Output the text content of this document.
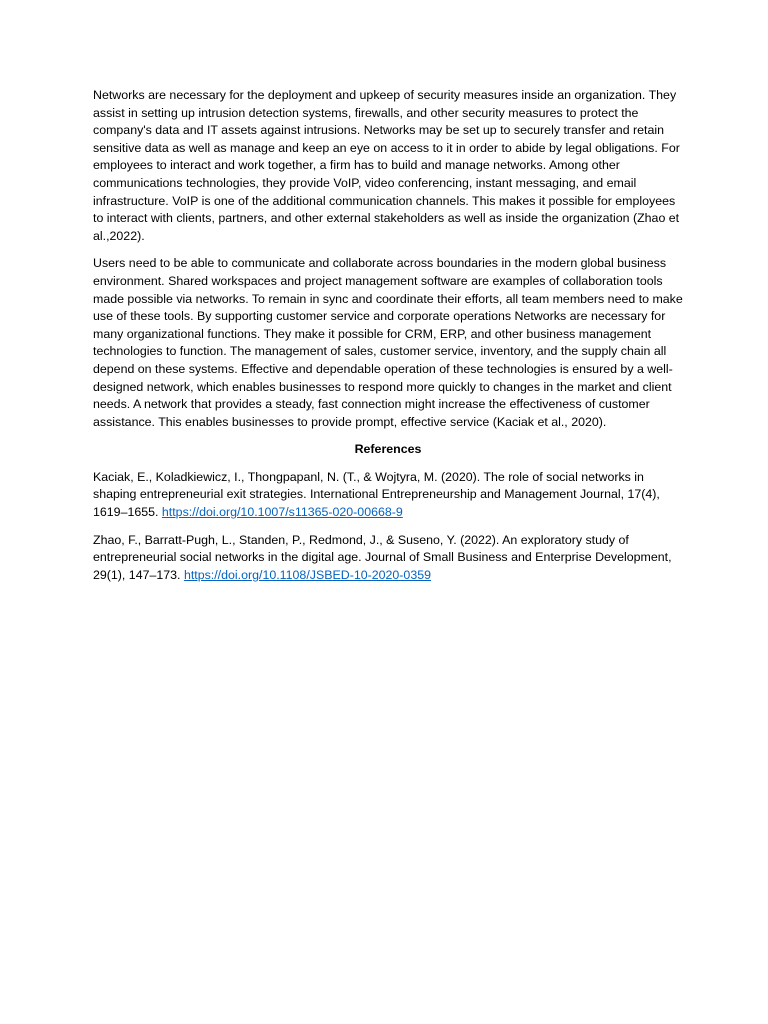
Networks are necessary for the deployment and upkeep of security measures inside an organization. They assist in setting up intrusion detection systems, firewalls, and other security measures to protect the company's data and IT assets against intrusions. Networks may be set up to securely transfer and retain sensitive data as well as manage and keep an eye on access to it in order to abide by legal obligations. For employees to interact and work together, a firm has to build and manage networks. Among other communications technologies, they provide VoIP, video conferencing, instant messaging, and email infrastructure. VoIP is one of the additional communication channels. This makes it possible for employees to interact with clients, partners, and other external stakeholders as well as inside the organization (Zhao et al.,2022).

Users need to be able to communicate and collaborate across boundaries in the modern global business environment. Shared workspaces and project management software are examples of collaboration tools made possible via networks. To remain in sync and coordinate their efforts, all team members need to make use of these tools. By supporting customer service and corporate operations Networks are necessary for many organizational functions. They make it possible for CRM, ERP, and other business management technologies to function. The management of sales, customer service, inventory, and the supply chain all depend on these systems. Effective and dependable operation of these technologies is ensured by a well-designed network, which enables businesses to respond more quickly to changes in the market and client needs. A network that provides a steady, fast connection might increase the effectiveness of customer assistance. This enables businesses to provide prompt, effective service (Kaciak et al., 2020).

References

Kaciak, E., Koladkiewicz, I., Thongpapanl, N. (T., & Wojtyra, M. (2020). The role of social networks in shaping entrepreneurial exit strategies. International Entrepreneurship and Management Journal, 17(4), 1619–1655. https://doi.org/10.1007/s11365-020-00668-9

Zhao, F., Barratt-Pugh, L., Standen, P., Redmond, J., & Suseno, Y. (2022). An exploratory study of entrepreneurial social networks in the digital age. Journal of Small Business and Enterprise Development, 29(1), 147–173. https://doi.org/10.1108/JSBED-10-2020-0359
